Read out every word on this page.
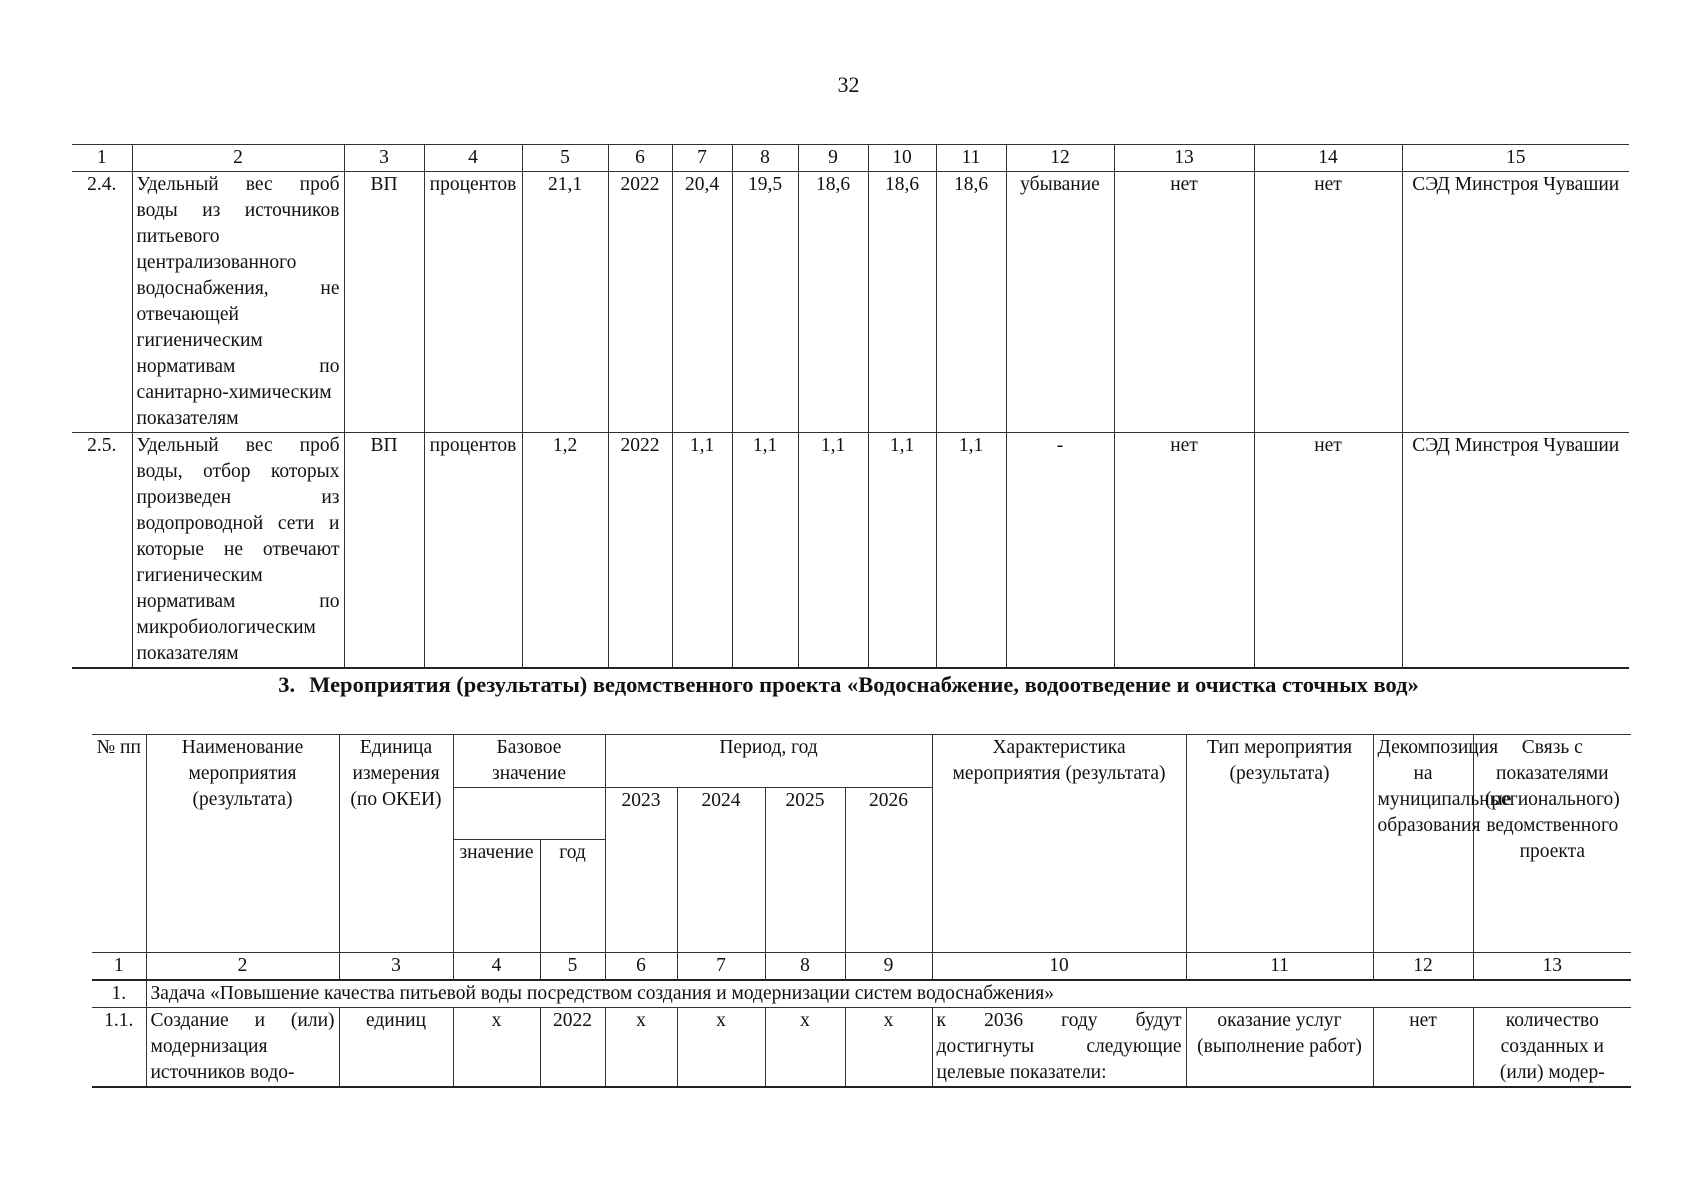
32
1	2	3	4	5	6	7	8	9	10	11	12	13	14	15
2.4.	Удельный вес проб воды из источников питьевого централизованного водоснабжения, не отвечающей гигиеническим нормативам по санитарно-химическим показателям	ВП	процентов	21,1	2022	20,4	19,5	18,6	18,6	18,6	убывание	нет	нет	СЭД Минстроя Чувашии
2.5.	Удельный вес проб воды, отбор которых произведен из водопроводной сети и которые не отвечают гигиеническим нормативам по микробиологическим показателям	ВП	процентов	1,2	2022	1,1	1,1	1,1	1,1	1,1	-	нет	нет	СЭД Минстроя Чувашии
3. Мероприятия (результаты) ведомственного проекта «Водоснабжение, водоотведение и очистка сточных вод»
№ пп	Наименование мероприятия (результата)	Единица измерения (по ОКЕИ)	Базовое значение		Период, год				Характеристика мероприятия (результата)	Тип мероприятия (результата)	Декомпозиция на муниципальные образования	Связь с показателями (регионального) ведомственного проекта
					2023	2024	2025	2026				
			значение	год								
1	2	3	4	5	6	7	8	9	10	11	12	13
1.	Задача «Повышение качества питьевой воды посредством создания и модернизации систем водоснабжения»											
1.1.	Создание и (или) модернизация источников водо-	единиц	x	2022	x	x	x	x	к 2036 году будут достигнуты следующие целевые показатели:	оказание услуг (выполнение работ)	нет	количество созданных и (или) модер-
